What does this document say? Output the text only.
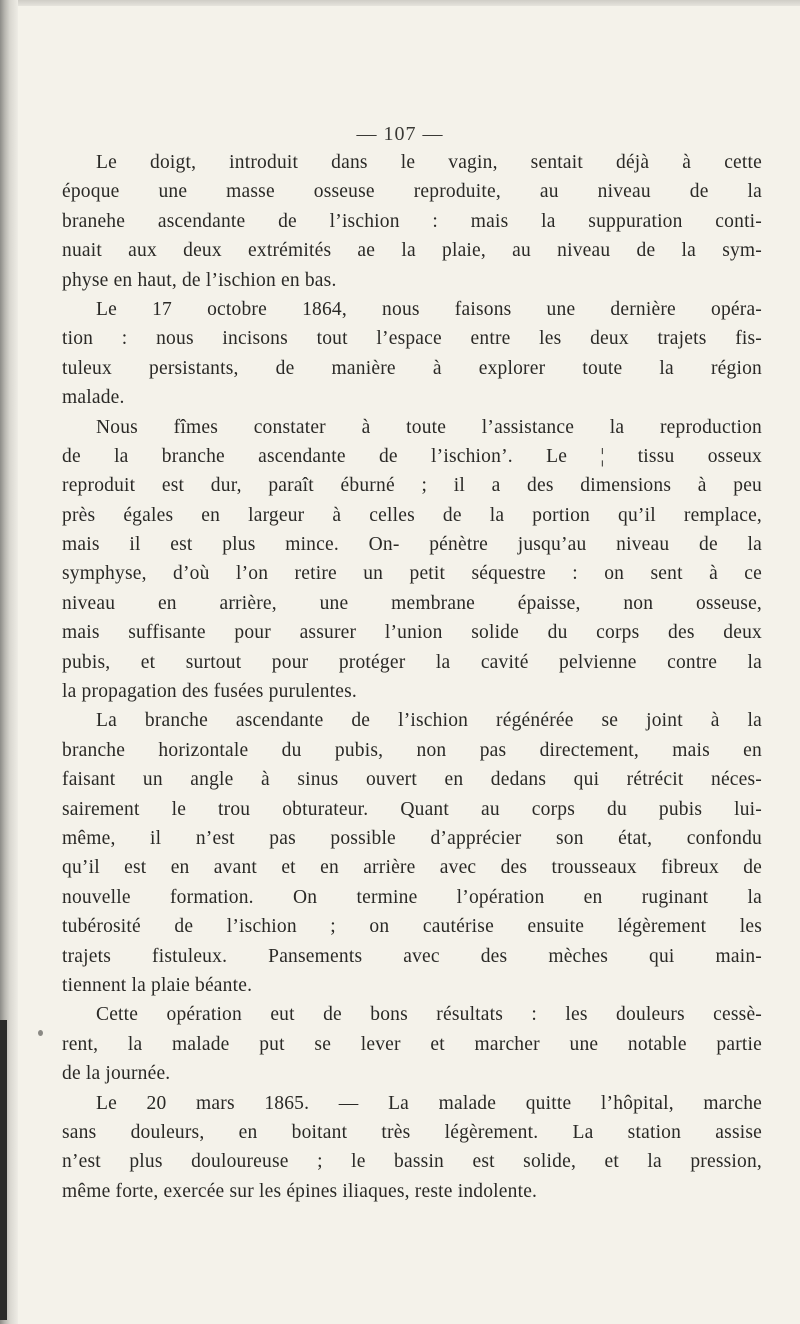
— 107 —
Le doigt, introduit dans le vagin, sentait déjà à cette
époque une masse osseuse reproduite, au niveau de la
branehe ascendante de l’ischion : mais la suppuration conti-
nuait aux deux extrémités ae la plaie, au niveau de la sym-
physe en haut, de l’ischion en bas.
Le 17 octobre 1864, nous faisons une dernière opéra-
tion : nous incisons tout l’espace entre les deux trajets fis-
tuleux persistants, de manière à explorer toute la région
malade.
Nous fîmes constater à toute l’assistance la reproduction
de la branche ascendante de l’ischion’. Le ¦ tissu osseux
reproduit est dur, paraît éburné ; il a des dimensions à peu
près égales en largeur à celles de la portion qu’il remplace,
mais il est plus mince. On- pénètre jusqu’au niveau de la
symphyse, d’où l’on retire un petit séquestre : on sent à ce
niveau en arrière, une membrane épaisse, non osseuse,
mais suffisante pour assurer l’union solide du corps des deux
pubis, et surtout pour protéger la cavité pelvienne contre la
la propagation des fusées purulentes.
La branche ascendante de l’ischion régénérée se joint à la
branche horizontale du pubis, non pas directement, mais en
faisant un angle à sinus ouvert en dedans qui rétrécit néces-
sairement le trou obturateur. Quant au corps du pubis lui-
même, il n’est pas possible d’apprécier son état, confondu
qu’il est en avant et en arrière avec des trousseaux fibreux de
nouvelle formation. On termine l’opération en ruginant la
tubérosité de l’ischion ; on cautérise ensuite légèrement les
trajets fistuleux. Pansements avec des mèches qui main-
tiennent la plaie béante.
Cette opération eut de bons résultats : les douleurs cessè-
rent, la malade put se lever et marcher une notable partie
de la journée.
Le 20 mars 1865. — La malade quitte l’hôpital, marche
sans douleurs, en boitant très légèrement. La station assise
n’est plus douloureuse ; le bassin est solide, et la pression,
même forte, exercée sur les épines iliaques, reste indolente.
